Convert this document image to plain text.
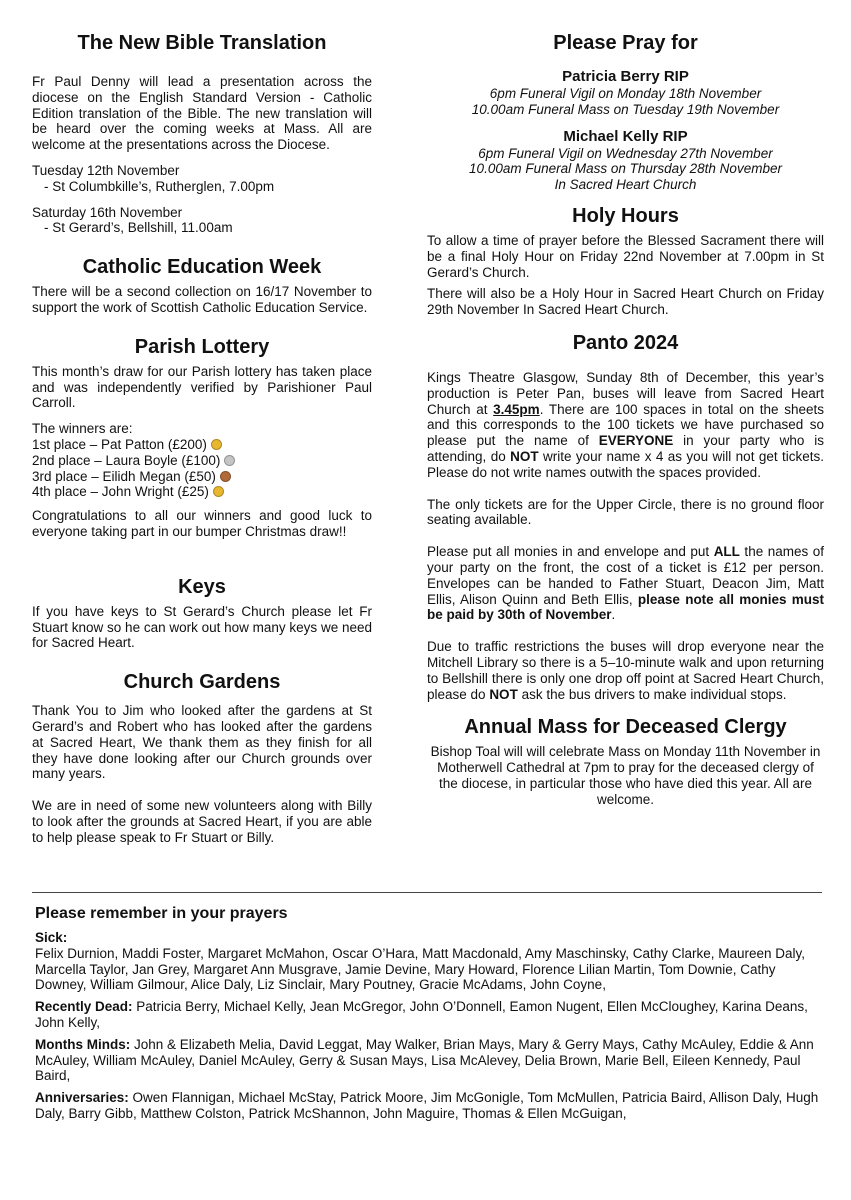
The New Bible Translation

Fr Paul Denny will lead a presentation across the diocese on the English Standard Version - Catholic Edition translation of the Bible. The new translation will be heard over the coming weeks at Mass. All are welcome at the presentations across the Diocese.

Tuesday 12th November

- St Columbkille’s, Rutherglen, 7.00pm

Saturday 16th November

- St Gerard’s, Bellshill, 11.00am

Catholic Education Week

There will be a second collection on 16/17 November to support the work of Scottish Catholic Education Service.

Parish Lottery

This month’s draw for our Parish lottery has taken place and was independently verified by Parishioner Paul Carroll.

The winners are:

1st place – Pat Patton (£200)

2nd place – Laura Boyle (£100)

3rd place – Eilidh Megan (£50)

4th place – John Wright (£25)

Congratulations to all our winners and good luck to everyone taking part in our bumper Christmas draw!!

Keys

If you have keys to St Gerard’s Church please let Fr Stuart know so he can work out how many keys we need for Sacred Heart.

Church Gardens

Thank You to Jim who looked after the gardens at St Gerard’s and Robert who has looked after the gardens at Sacred Heart, We thank them as they finish for all they have done looking after our Church grounds over many years.

We are in need of some new volunteers along with Billy to look after the grounds at Sacred Heart, if you are able to help please speak to Fr Stuart or Billy.

Please Pray for

Patricia Berry RIP

6pm Funeral Vigil on Monday 18th November

10.00am Funeral Mass on Tuesday 19th November

Michael Kelly RIP

6pm Funeral Vigil on Wednesday 27th November

10.00am Funeral Mass on Thursday 28th November

In Sacred Heart Church

Holy Hours

To allow a time of prayer before the Blessed Sacrament there will be a final Holy Hour on Friday 22nd November at 7.00pm in St Gerard’s Church.

There will also be a Holy Hour in Sacred Heart Church on Friday 29th November In Sacred Heart Church.

Panto 2024

Kings Theatre Glasgow, Sunday 8th of December, this year’s production is Peter Pan, buses will leave from Sacred Heart Church at 3.45pm. There are 100 spaces in total on the sheets and this corresponds to the 100 tickets we have purchased so please put the name of EVERYONE in your party who is attending, do NOT write your name x 4 as you will not get tickets. Please do not write names outwith the spaces provided.

The only tickets are for the Upper Circle, there is no ground floor seating available.

Please put all monies in and envelope and put ALL the names of your party on the front, the cost of a ticket is £12 per person. Envelopes can be handed to Father Stuart, Deacon Jim, Matt Ellis, Alison Quinn and Beth Ellis, please note all monies must be paid by 30th of November.

Due to traffic restrictions the buses will drop everyone near the Mitchell Library so there is a 5–10-minute walk and upon returning to Bellshill there is only one drop off point at Sacred Heart Church, please do NOT ask the bus drivers to make individual stops.

Annual Mass for Deceased Clergy

Bishop Toal will will celebrate Mass on Monday 11th November in Motherwell Cathedral at 7pm to pray for the deceased clergy of the diocese, in particular those who have died this year. All are welcome.

Please remember in your prayers

Sick:

Felix Durnion, Maddi Foster, Margaret McMahon, Oscar O’Hara, Matt Macdonald, Amy Maschinsky, Cathy Clarke, Maureen Daly, Marcella Taylor, Jan Grey, Margaret Ann Musgrave, Jamie Devine, Mary Howard, Florence Lilian Martin, Tom Downie, Cathy Downey, William Gilmour, Alice Daly, Liz Sinclair, Mary Poutney, Gracie McAdams, John Coyne,

Recently Dead: Patricia Berry, Michael Kelly, Jean McGregor, John O’Donnell, Eamon Nugent, Ellen McCloughey, Karina Deans, John Kelly,

Months Minds: John & Elizabeth Melia, David Leggat, May Walker, Brian Mays, Mary & Gerry Mays, Cathy McAuley, Eddie & Ann McAuley, William McAuley, Daniel McAuley, Gerry & Susan Mays, Lisa McAlevey, Delia Brown, Marie Bell, Eileen Kennedy, Paul Baird,

Anniversaries: Owen Flannigan, Michael McStay, Patrick Moore, Jim McGonigle, Tom McMullen, Patricia Baird, Allison Daly, Hugh Daly, Barry Gibb, Matthew Colston, Patrick McShannon, John Maguire, Thomas & Ellen McGuigan,
